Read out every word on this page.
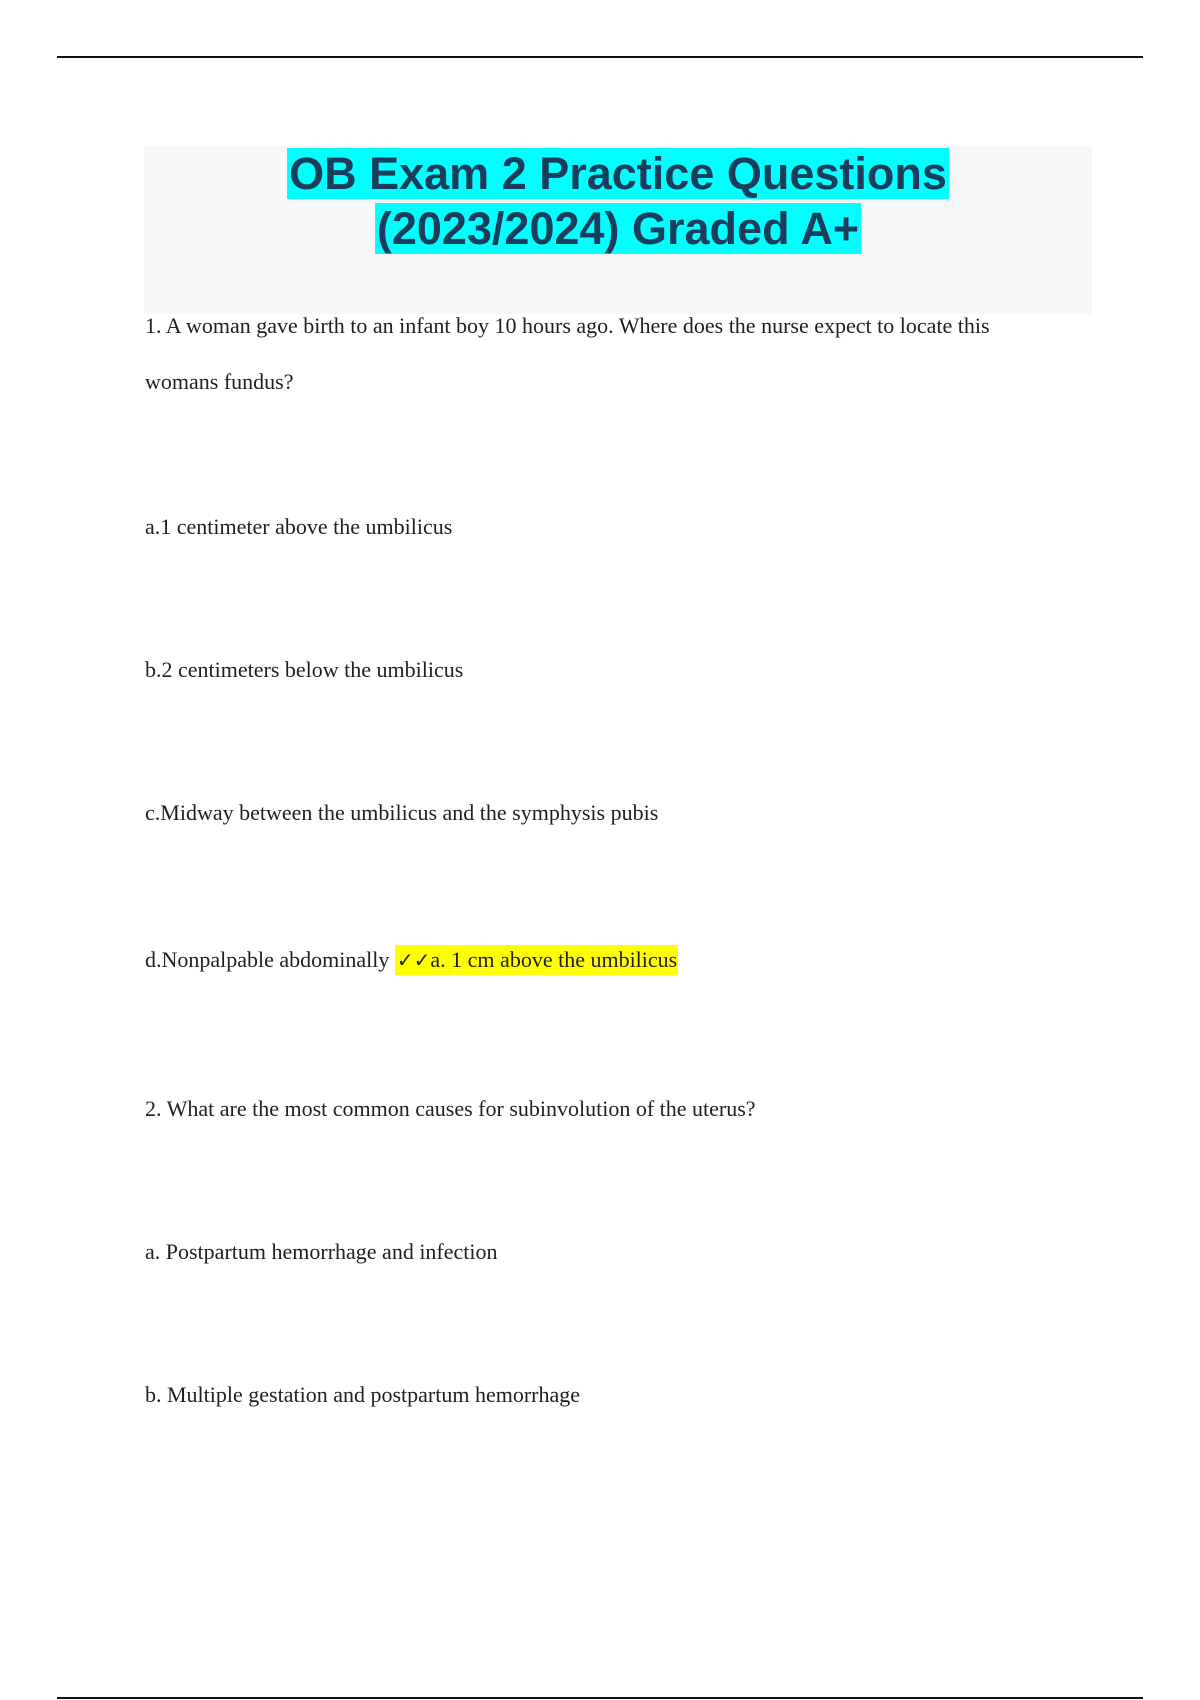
OB Exam 2 Practice Questions
(2023/2024) Graded A+
1. A woman gave birth to an infant boy 10 hours ago. Where does the nurse expect to locate this
womans fundus?
a.1 centimeter above the umbilicus
b.2 centimeters below the umbilicus
c.Midway between the umbilicus and the symphysis pubis
d.Nonpalpable abdominally ✓✓a. 1 cm above the umbilicus
2. What are the most common causes for subinvolution of the uterus?
a. Postpartum hemorrhage and infection
b. Multiple gestation and postpartum hemorrhage
